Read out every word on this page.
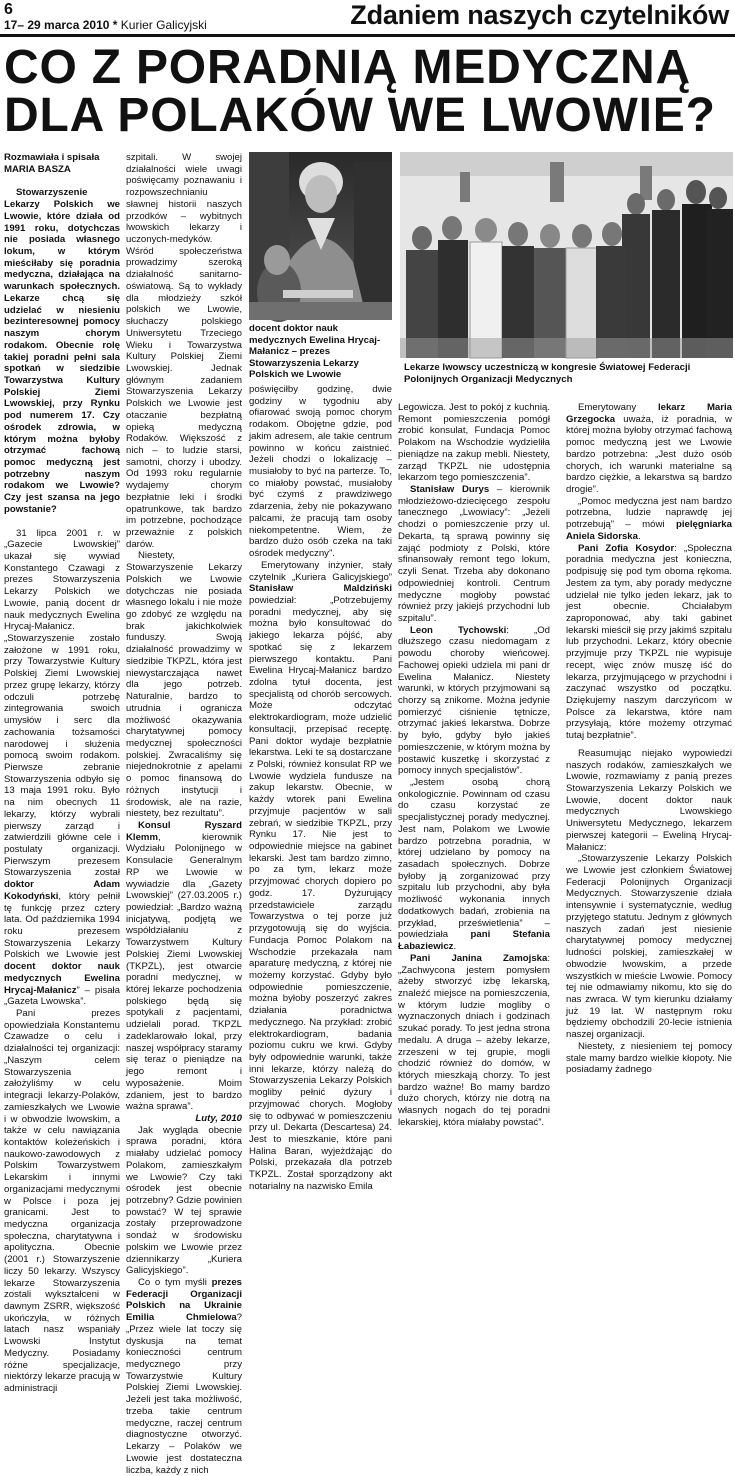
6
17– 29 marca 2010 * Kurier Galicyjski	Zdaniem naszych czytelników
CO Z PORADNIĄ MEDYCZNĄ
DLA POLAKÓW WE LWOWIE?

Rozmawiała i spisała
MARIA BASZA

Stowarzyszenie Lekarzy Polskich we Lwowie, które działa od 1991 roku, dotychczas nie posiada własnego lokum, w którym mieściłaby się poradnia medyczna, działająca na warunkach społecznych. Lekarze chcą się udzielać w niesieniu bezinteresownej pomocy naszym chorym rodakom. Obecnie rolę takiej poradni pełni sala spotkań w siedzibie Towarzystwa Kultury Polskiej Ziemi Lwowskiej, przy Rynku pod numerem 17. Czy ośrodek zdrowia, w którym można byłoby otrzymać fachową pomoc medyczną jest potrzebny naszym rodakom we Lwowie? Czy jest szansa na jego powstanie?

31 lipca 2001 r. w „Gazecie Lwowskiej” ukazał się wywiad Konstantego Czawagi z prezes Stowarzyszenia Lekarzy Polskich we Lwowie, panią docent dr nauk medycznych Ewelina Hrycaj-Małanicz. „Stowarzyszenie zostało założone w 1991 roku, przy Towarzystwie Kultury Polskiej Ziemi Lwowskiej przez grupę lekarzy, którzy odczuli potrzebę zintegrowania swoich umysłów i serc dla zachowania tożsamości narodowej i służenia pomocą swoim rodakom. Pierwsze zebranie Stowarzyszenia odbyło się 13 maja 1991 roku. Było na nim obecnych 11 lekarzy, którzy wybrali pierwszy zarząd i zatwierdzili główne cele i postulaty organizacji. Pierwszym prezesem Stowarzyszenia został doktor Adam Kokodyński, który pełnił tę funkcję przez cztery lata. Od października 1994 roku prezesem Stowarzyszenia Lekarzy Polskich we Lwowie jest docent doktor nauk medycznych Ewelina Hrycaj-Małanicz” – pisała „Gazeta Lwowska”.

Pani prezes opowiedziała Konstantemu Czawadze o celu i działalności tej organizacji: „Naszym celem Stowarzyszenia założyliśmy w celu integracji lekarzy-Polaków, zamieszkałych we Lwowie i w obwodzie lwowskim, a także w celu nawiązania kontaktów koleżeńskich i naukowo-zawodowych z Polskim Towarzystwem Lekarskim i innymi organizacjami medycznymi w Polsce i poza jej granicami. Jest to medyczna organizacja społeczna, charytatywna i apolityczna. Obecnie (2001 r.) Stowarzyszenie liczy 50 lekarzy. Wszyscy lekarze Stowarzyszenia zostali wykształceni w dawnym ZSRR, większość ukończyła, w różnych latach nasz wspaniały Lwowski Instytut Medyczny. Posiadamy różne specjalizacje, niektórzy lekarze pracują w administracji

szpitali. W swojej działalności wiele uwagi poświęcamy poznawaniu i rozpowszechnianiu sławnej historii naszych przodków – wybitnych lwowskich lekarzy i uczonych-medyków. Wśród społeczeństwa prowadzimy szeroką działalność sanitarno-oświatową. Są to wykłady dla młodzieży szkół polskich we Lwowie, słuchaczy polskiego Uniwersytetu Trzeciego Wieku i Towarzystwa Kultury Polskiej Ziemi Lwowskiej. Jednak głównym zadaniem Stowarzyszenia Lekarzy Polskich we Lwowie jest otaczanie bezpłatną opieką medyczną Rodaków. Większość z nich – to ludzie starsi, samotni, chorzy i ubodzy. Od 1993 roku regularnie wydajemy chorym bezpłatnie leki i środki opatrunkowe, tak bardzo im potrzebne, pochodzące przeważnie z polskich darów.

Niestety, Stowarzyszenie Lekarzy Polskich we Lwowie dotychczas nie posiada własnego lokalu i nie może go zdobyć ze względu na brak jakichkolwiek funduszy. Swoją działalność prowadzimy w siedzibie TKPZL, która jest niewystarczająca nawet dla jego potrzeb. Naturalnie, bardzo to utrudnia i ogranicza możliwość okazywania charytatywnej pomocy medycznej społeczności polskiej. Zwracaliśmy się niejednokrotnie z apelami o pomoc finansową do różnych instytucji i środowisk, ale na razie, niestety, bez rezultatu”.

Konsul Ryszard Klemm, kierownik Wydziału Polonijnego w Konsulacie Generalnym RP we Lwowie w wywiadzie dla „Gazety Lwowskiej” (27.03.2005 r.) powiedział: „Bardzo ważną inicjatywą, podjętą we współdziałaniu z Towarzystwem Kultury Polskiej Ziemi Lwowskiej (TKPZL), jest otwarcie poradni medycznej, w której lekarze pochodzenia polskiego będą się spotykali z pacjentami, udzielali porad. TKPZL zadeklarowało lokal, przy naszej współpracy staramy się teraz o pieniądze na jego remont i wyposażenie. Moim zdaniem, jest to bardzo ważna sprawa”.

Luty, 2010

Jak wygląda obecnie sprawa poradni, która miałaby udzielać pomocy Polakom, zamieszkałym we Lwowie? Czy taki ośrodek jest obecnie potrzebny? Gdzie powinien powstać? W tej sprawie zostały przeprowadzone sondaż w środowisku polskim we Lwowie przez dziennikarzy „Kuriera Galicyjskiego”.

Co o tym myśli prezes Federacji Organizacji Polskich na Ukrainie Emilia Chmielowa? „Przez wiele lat toczy się dyskusja na temat konieczności centrum medycznego przy Towarzystwie Kultury Polskiej Ziemi Lwowskiej. Jeżeli jest taka możliwość, trzeba takie centrum medyczne, raczej centrum diagnostyczne otworzyć. Lekarzy – Polaków we Lwowie jest dostateczna liczba, każdy z nich

docent doktor nauk medycznych Ewelina Hrycaj-Małanicz – prezes Stowarzyszenia Lekarzy Polskich we Lwowie
Lekarze lwowscy uczestniczą w kongresie Światowej Federacji Polonijnych Organizacji Medycznych

poświęciłby godzinę, dwie godziny w tygodniu aby ofiarować swoją pomoc chorym rodakom. Obojętne gdzie, pod jakim adresem, ale takie centrum powinno w końcu zaistnieć. Jeżeli chodzi o lokalizację – musiałoby to być na parterze. To, co miałoby powstać, musiałoby być czymś z prawdziwego zdarzenia, żeby nie pokazywano palcami, że pracują tam osoby niekompetentne. Wiem, że bardzo dużo osób czeka na taki ośrodek medyczny”.

Emerytowany inżynier, stały czytelnik „Kuriera Galicyjskiego” Stanisław Maldziński powiedział: „Potrzebujemy poradni medycznej, aby się można było konsultować do jakiego lekarza pójść, aby spotkać się z lekarzem pierwszego kontaktu. Pani Ewelina Hrycaj-Małanicz bardzo zdolna tytuł docenta, jest specjalistą od chorób sercowych. Może odczytać elektrokardiogram, może udzielić konsultacji, przepisać receptę. Pani doktor wydaje bezpłatnie lekarstwa. Leki te są dostarczane z Polski, również konsulat RP we Lwowie wydziela fundusze na zakup lekarstw. Obecnie, w każdy wtorek pani Ewelina przyjmuje pacjentów w sali zebrań, w siedzibie TKPZL, przy Rynku 17. Nie jest to odpowiednie miejsce na gabinet lekarski. Jest tam bardzo zimno, po za tym, lekarz może przyjmować chorych dopiero po godz. 17. Dyżurujący przedstawiciele zarządu Towarzystwa o tej porze już przygotowują się do wyjścia. Fundacja Pomoc Polakom na Wschodzie przekazała nam aparaturę medyczną, z której nie możemy korzystać. Gdyby było odpowiednie pomieszczenie, można byłoby poszerzyć zakres działania poradnictwa medycznego. Na przykład: zrobić elektrokardiogram, badania poziomu cukru we krwi. Gdyby były odpowiednie warunki, także inni lekarze, którzy należą do Stowarzyszenia Lekarzy Polskich mogliby pełnić dyżury i przyjmować chorych. Mogłoby się to odbywać w pomieszczeniu przy ul. Dekarta (Descartesa) 24. Jest to mieszkanie, które pani Halina Baran, wyjeżdżając do Polski, przekazała dla potrzeb TKPZL. Został sporządzony akt notarialny na nazwisko Emila

Legowicza. Jest to pokój z kuchnią. Remont pomieszczenia pomógł zrobić konsulat, Fundacja Pomoc Polakom na Wschodzie wydzieliła pieniądze na zakup mebli. Niestety, zarząd TKPZL nie udostępnia lekarzom tego pomieszczenia”.

Stanisław Durys – kierownik młodzieżowo-dziecięcego zespołu tanecznego „Lwowiacy”: „Jeżeli chodzi o pomieszczenie przy ul. Dekarta, tą sprawą powinny się zająć podmioty z Polski, które sfinansowały remont tego lokum, czyli Senat. Trzeba aby dokonano odpowiedniej kontroli. Centrum medyczne mogłoby powstać również przy jakiejś przychodni lub szpitalu”.

Leon Tychowski: „Od dłuższego czasu niedomagam z powodu choroby wieńcowej. Fachowej opieki udziela mi pani dr Ewelina Małanicz. Niestety warunki, w których przyjmowani są chorzy są znikome. Można jedynie pomierzyć ciśnienie tętnicze, otrzymać jakieś lekarstwa. Dobrze by było, gdyby było jakieś pomieszczenie, w którym można by postawić kuszetkę i skorzystać z pomocy innych specjalistów”.

„Jestem osobą chorą onkologicznie. Powinnam od czasu do czasu korzystać ze specjalistycznej porady medycznej. Jest nam, Polakom we Lwowie bardzo potrzebna poradnia, w której udzielano by pomocy na zasadach społecznych. Dobrze byłoby ją zorganizować przy szpitalu lub przychodni, aby była możliwość wykonania innych dodatkowych badań, zrobienia na przykład, prześwietlenia” – powiedziała pani Stefania Łabaziewicz.

Pani Janina Zamojska: „Zachwycona jestem pomysłem ażeby stworzyć izbę lekarską, znaleźć miejsce na pomieszczenia, w którym ludzie mogliby o wyznaczonych dniach i godzinach szukać porady. To jest jedna strona medalu. A druga – ażeby lekarze, zrzeszeni w tej grupie, mogli chodzić również do domów, w których mieszkają chorzy. To jest bardzo ważne! Bo mamy bardzo dużo chorych, którzy nie dotrą na własnych nogach do tej poradni lekarskiej, która miałaby powstać”.

Emerytowany lekarz Maria Grzegocka uważa, iż poradnia, w której można byłoby otrzymać fachową pomoc medyczną jest we Lwowie bardzo potrzebna: „Jest dużo osób chorych, ich warunki materialne są bardzo ciężkie, a lekarstwa są bardzo drogie”.

„Pomoc medyczna jest nam bardzo potrzebna, ludzie naprawdę jej potrzebują” – mówi pielęgniarka Aniela Sidorska.

Pani Zofia Kosydor: „Społeczna poradnia medyczna jest konieczna, podpisuję się pod tym oboma rękoma. Jestem za tym, aby porady medyczne udzielał nie tylko jeden lekarz, jak to jest obecnie. Chciałabym zaproponować, aby taki gabinet lekarski mieścił się przy jakimś szpitalu lub przychodni. Lekarz, który obecnie przyjmuje przy TKPZL nie wypisuje recept, więc znów muszę iść do lekarza, przyjmującego w przychodni i zaczynać wszystko od początku. Dziękujemy naszym darczyńcom w Polsce za lekarstwa, które nam przysyłają, które możemy otrzymać tutaj bezpłatnie”.

Reasumując niejako wypowiedzi naszych rodaków, zamieszkałych we Lwowie, rozmawiamy z panią prezes Stowarzyszenia Lekarzy Polskich we Lwowie, docent doktor nauk medycznych Lwowskiego Uniwersytetu Medycznego, lekarzem pierwszej kategorii – Eweliną Hrycaj-Małanicz:

„Stowarzyszenie Lekarzy Polskich we Lwowie jest członkiem Światowej Federacji Polonijnych Organizacji Medycznych. Stowarzyszenie działa intensywnie i systematycznie, według przyjętego statutu. Jednym z głównych naszych zadań jest niesienie charytatywnej pomocy medycznej ludności polskiej, zamieszkałej w obwodzie lwowskim, a przede wszystkich w mieście Lwowie. Pomocy tej nie odmawiamy nikomu, kto się do nas zwraca. W tym kierunku działamy już 19 lat. W następnym roku będziemy obchodzili 20-lecie istnienia naszej organizacji.

Niestety, z niesieniem tej pomocy stale mamy bardzo wielkie kłopoty. Nie posiadamy żadnego
